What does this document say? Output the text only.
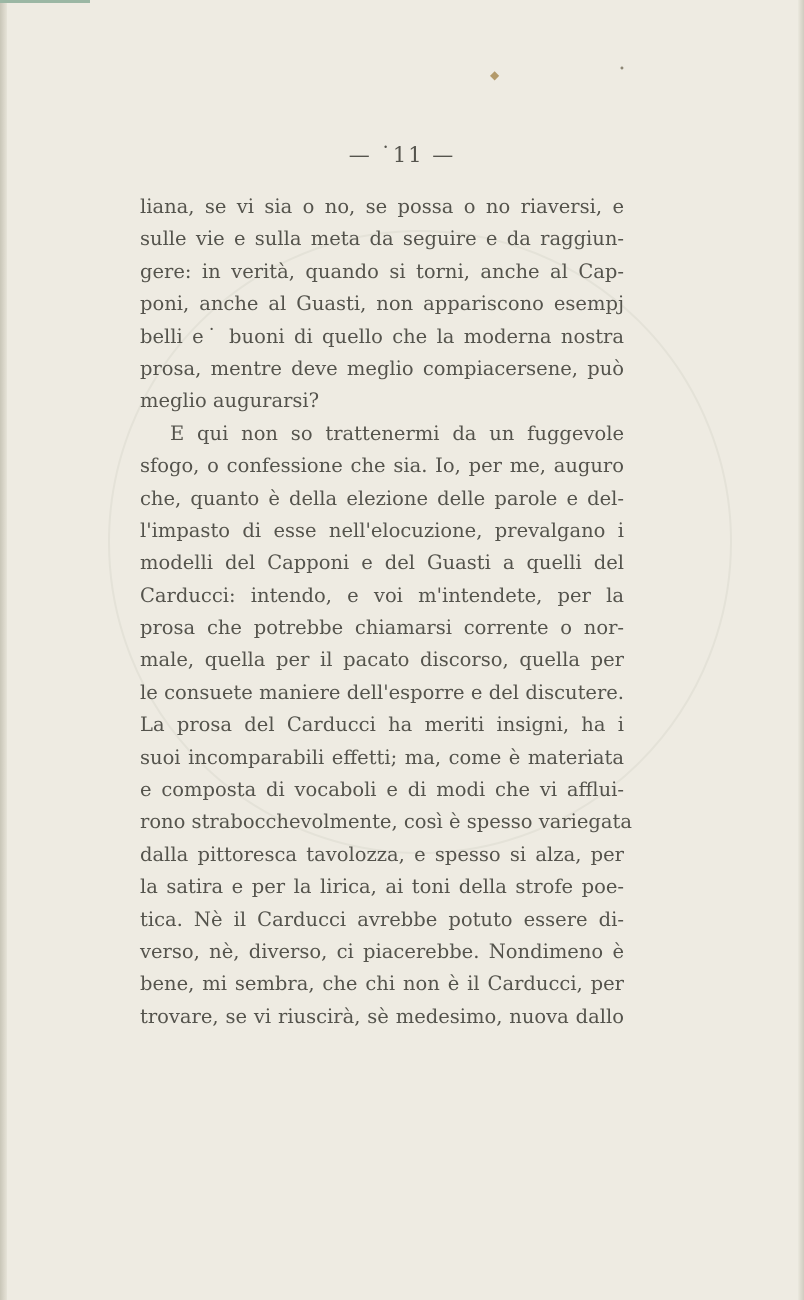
◆	•
— ˙11 —
liana, se vi sia o no, se possa o no riaversi, e
sulle vie e sulla meta da seguire e da raggiun-
gere: in verità, quando si torni, anche al Cap-
poni, anche al Guasti, non appariscono esempj
belli e˙ buoni di quello che la moderna nostra
prosa, mentre deve meglio compiacersene, può
meglio augurarsi?
E qui non so trattenermi da un fuggevole
sfogo, o confessione che sia. Io, per me, auguro
che, quanto è della elezione delle parole e del-
l'impasto di esse nell'elocuzione, prevalgano i
modelli del Capponi e del Guasti a quelli del
Carducci: intendo, e voi m'intendete, per la
prosa che potrebbe chiamarsi corrente o nor-
male, quella per il pacato discorso, quella per
le consuete maniere dell'esporre e del discutere.
La prosa del Carducci ha meriti insigni, ha i
suoi incomparabili effetti; ma, come è materiata
e composta di vocaboli e di modi che vi afflui-
rono strabocchevolmente, così è spesso variegata
dalla pittoresca tavolozza, e spesso si alza, per
la satira e per la lirica, ai toni della strofe poe-
tica. Nè il Carducci avrebbe potuto essere di-
verso, nè, diverso, ci piacerebbe. Nondimeno è
bene, mi sembra, che chi non è il Carducci, per
trovare, se vi riuscirà, sè medesimo, nuova dallo
